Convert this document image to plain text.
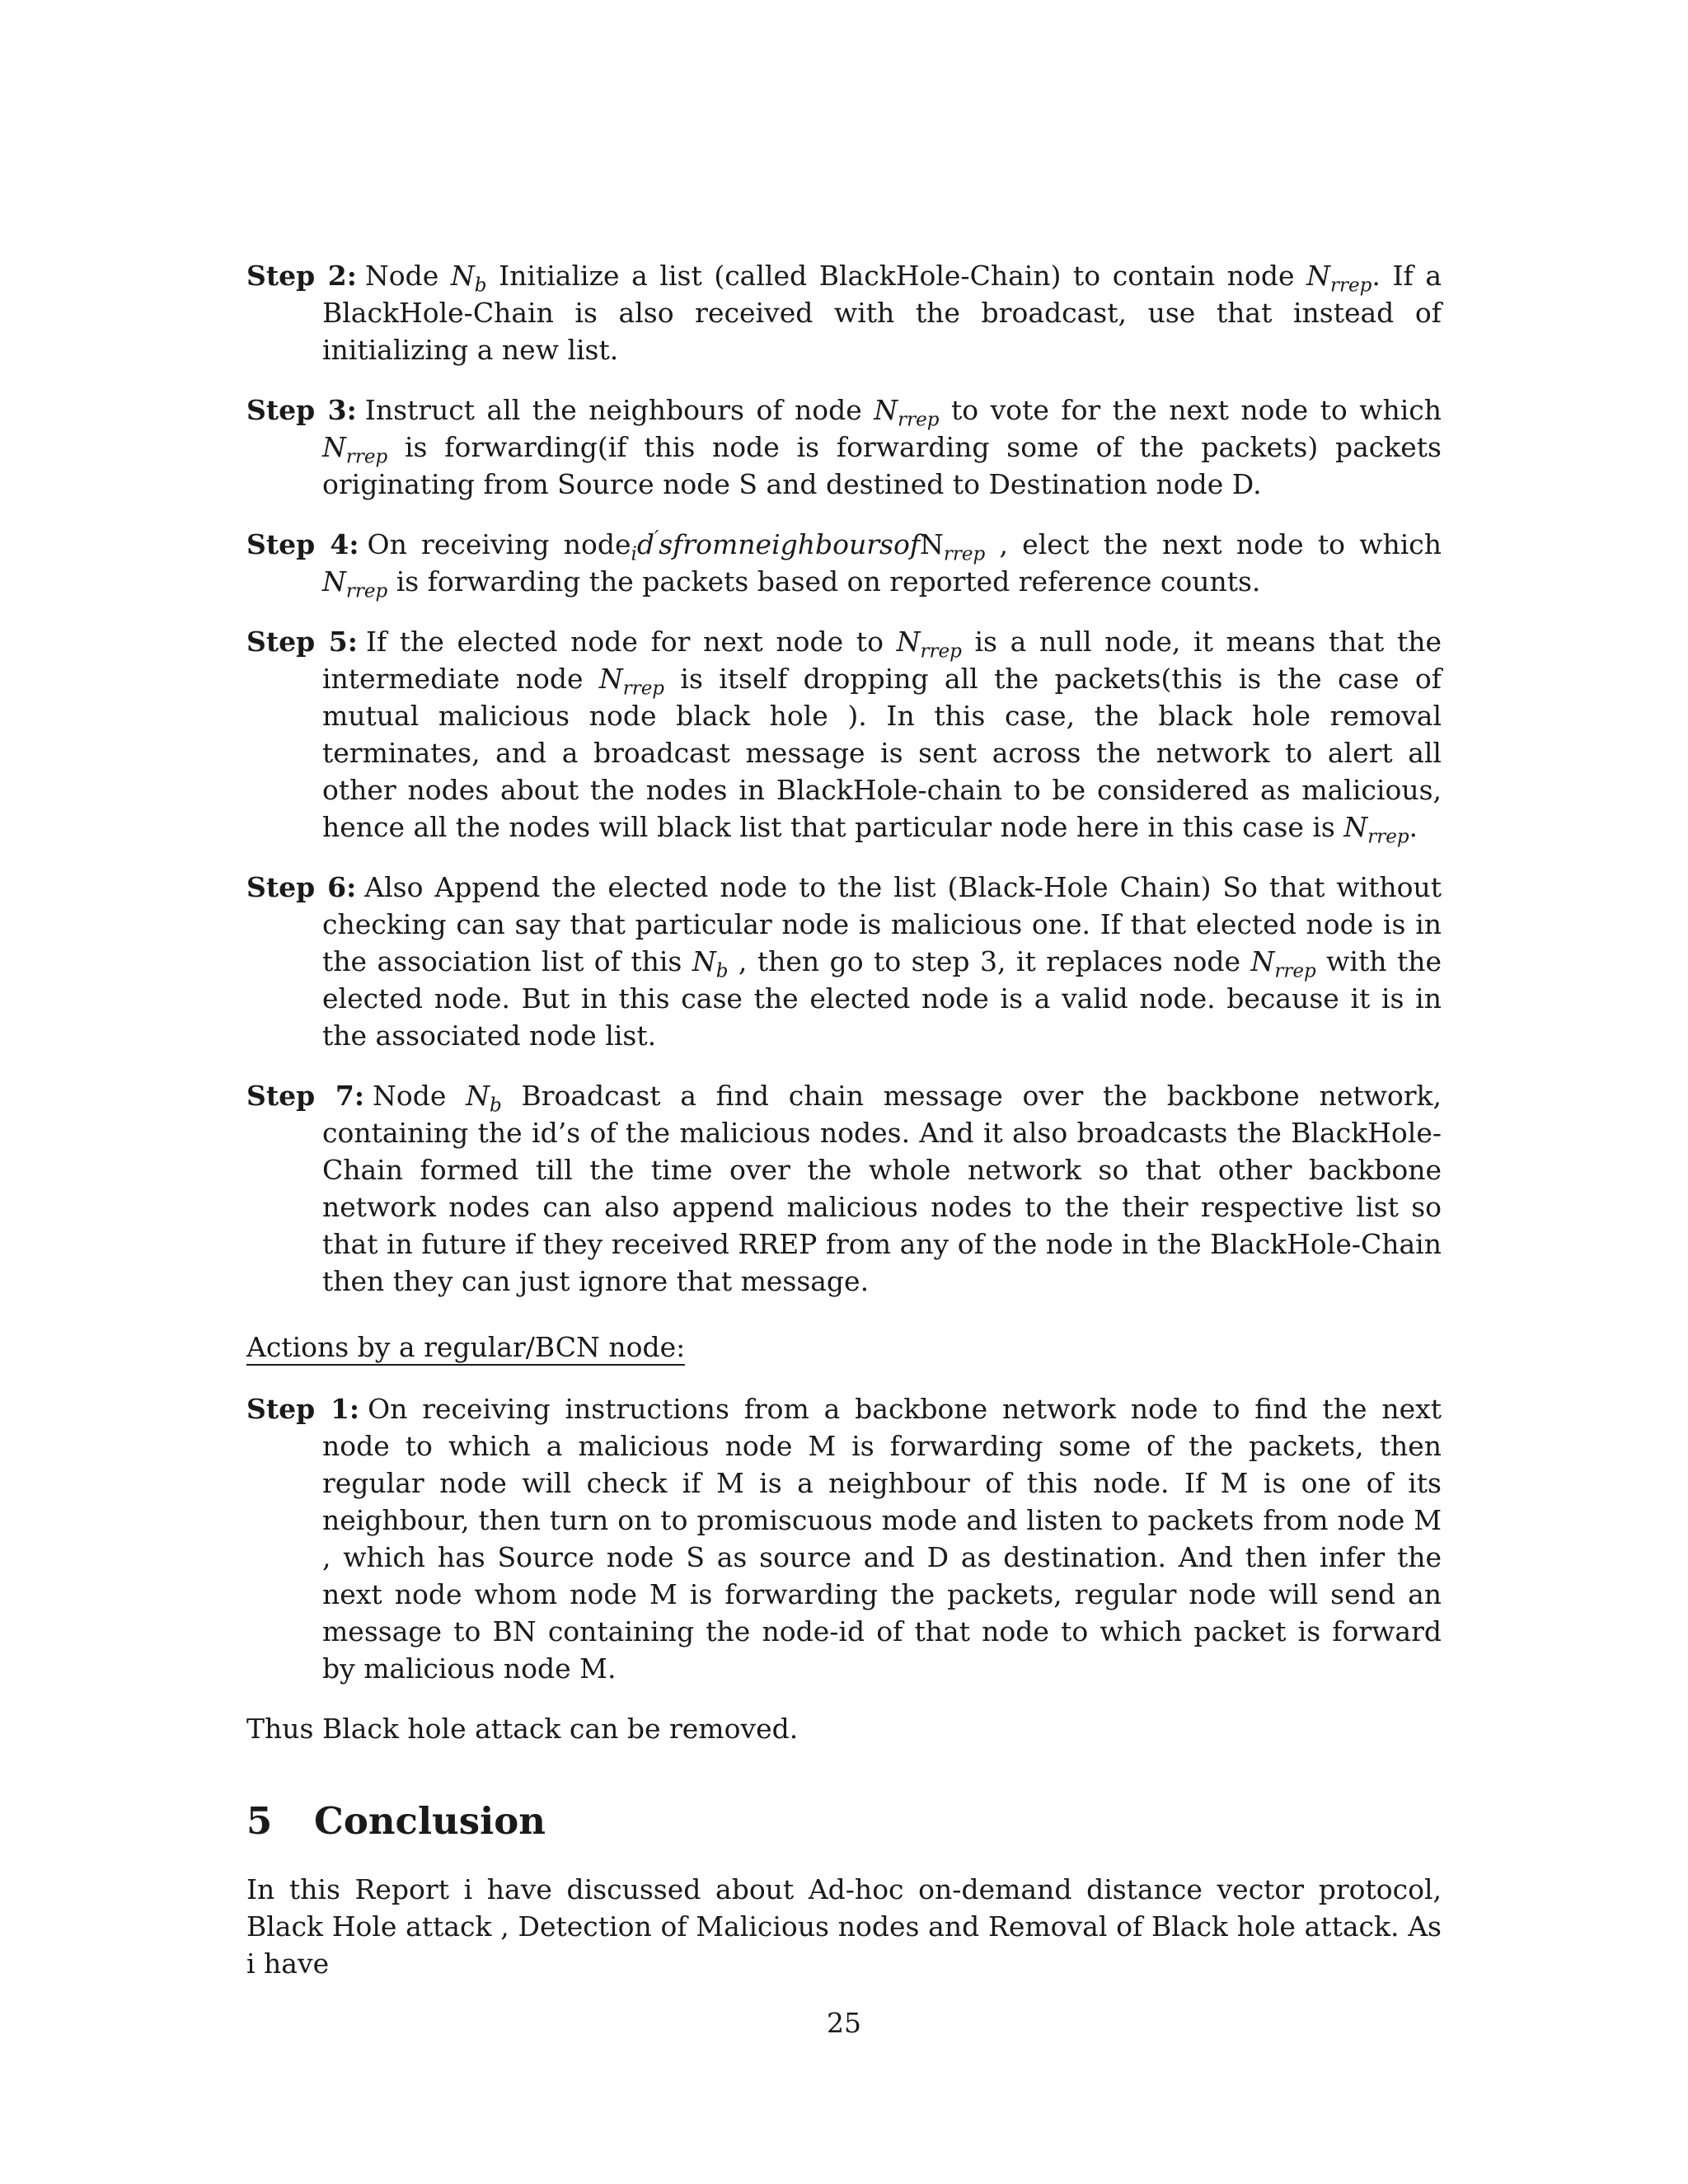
Step 2: Node $N_b$ Initialize a list (called BlackHole-Chain) to contain node $N_{rrep}$. If a BlackHole-Chain is also received with the broadcast, use that instead of initializing a new list.

Step 3: Instruct all the neighbours of node $N_{rrep}$ to vote for the next node to which $N_{rrep}$ is forwarding(if this node is forwarding some of the packets) packets originating from Source node S and destined to Destination node D.

Step 4: On receiving node$_i$d′sfromneighboursofN$_{rrep}$ , elect the next node to which $N_{rrep}$ is forwarding the packets based on reported reference counts.

Step 5: If the elected node for next node to $N_{rrep}$ is a null node, it means that the intermediate node $N_{rrep}$ is itself dropping all the packets(this is the case of mutual malicious node black hole ). In this case, the black hole removal terminates, and a broadcast message is sent across the network to alert all other nodes about the nodes in BlackHole-chain to be considered as malicious, hence all the nodes will black list that particular node here in this case is $N_{rrep}$.

Step 6: Also Append the elected node to the list (Black-Hole Chain) So that without checking can say that particular node is malicious one. If that elected node is in the association list of this $N_b$ , then go to step 3, it replaces node $N_{rrep}$ with the elected node. But in this case the elected node is a valid node. because it is in the associated node list.

Step 7: Node $N_b$ Broadcast a find chain message over the backbone network, containing the id’s of the malicious nodes. And it also broadcasts the BlackHole-Chain formed till the time over the whole network so that other backbone network nodes can also append malicious nodes to the their respective list so that in future if they received RREP from any of the node in the BlackHole-Chain then they can just ignore that message.

Actions by a regular/BCN node:

Step 1: On receiving instructions from a backbone network node to find the next node to which a malicious node M is forwarding some of the packets, then regular node will check if M is a neighbour of this node. If M is one of its neighbour, then turn on to promiscuous mode and listen to packets from node M , which has Source node S as source and D as destination. And then infer the next node whom node M is forwarding the packets, regular node will send an message to BN containing the node-id of that node to which packet is forward by malicious node M.

Thus Black hole attack can be removed.

5 Conclusion

In this Report i have discussed about Ad-hoc on-demand distance vector protocol, Black Hole attack , Detection of Malicious nodes and Removal of Black hole attack. As i have

25
